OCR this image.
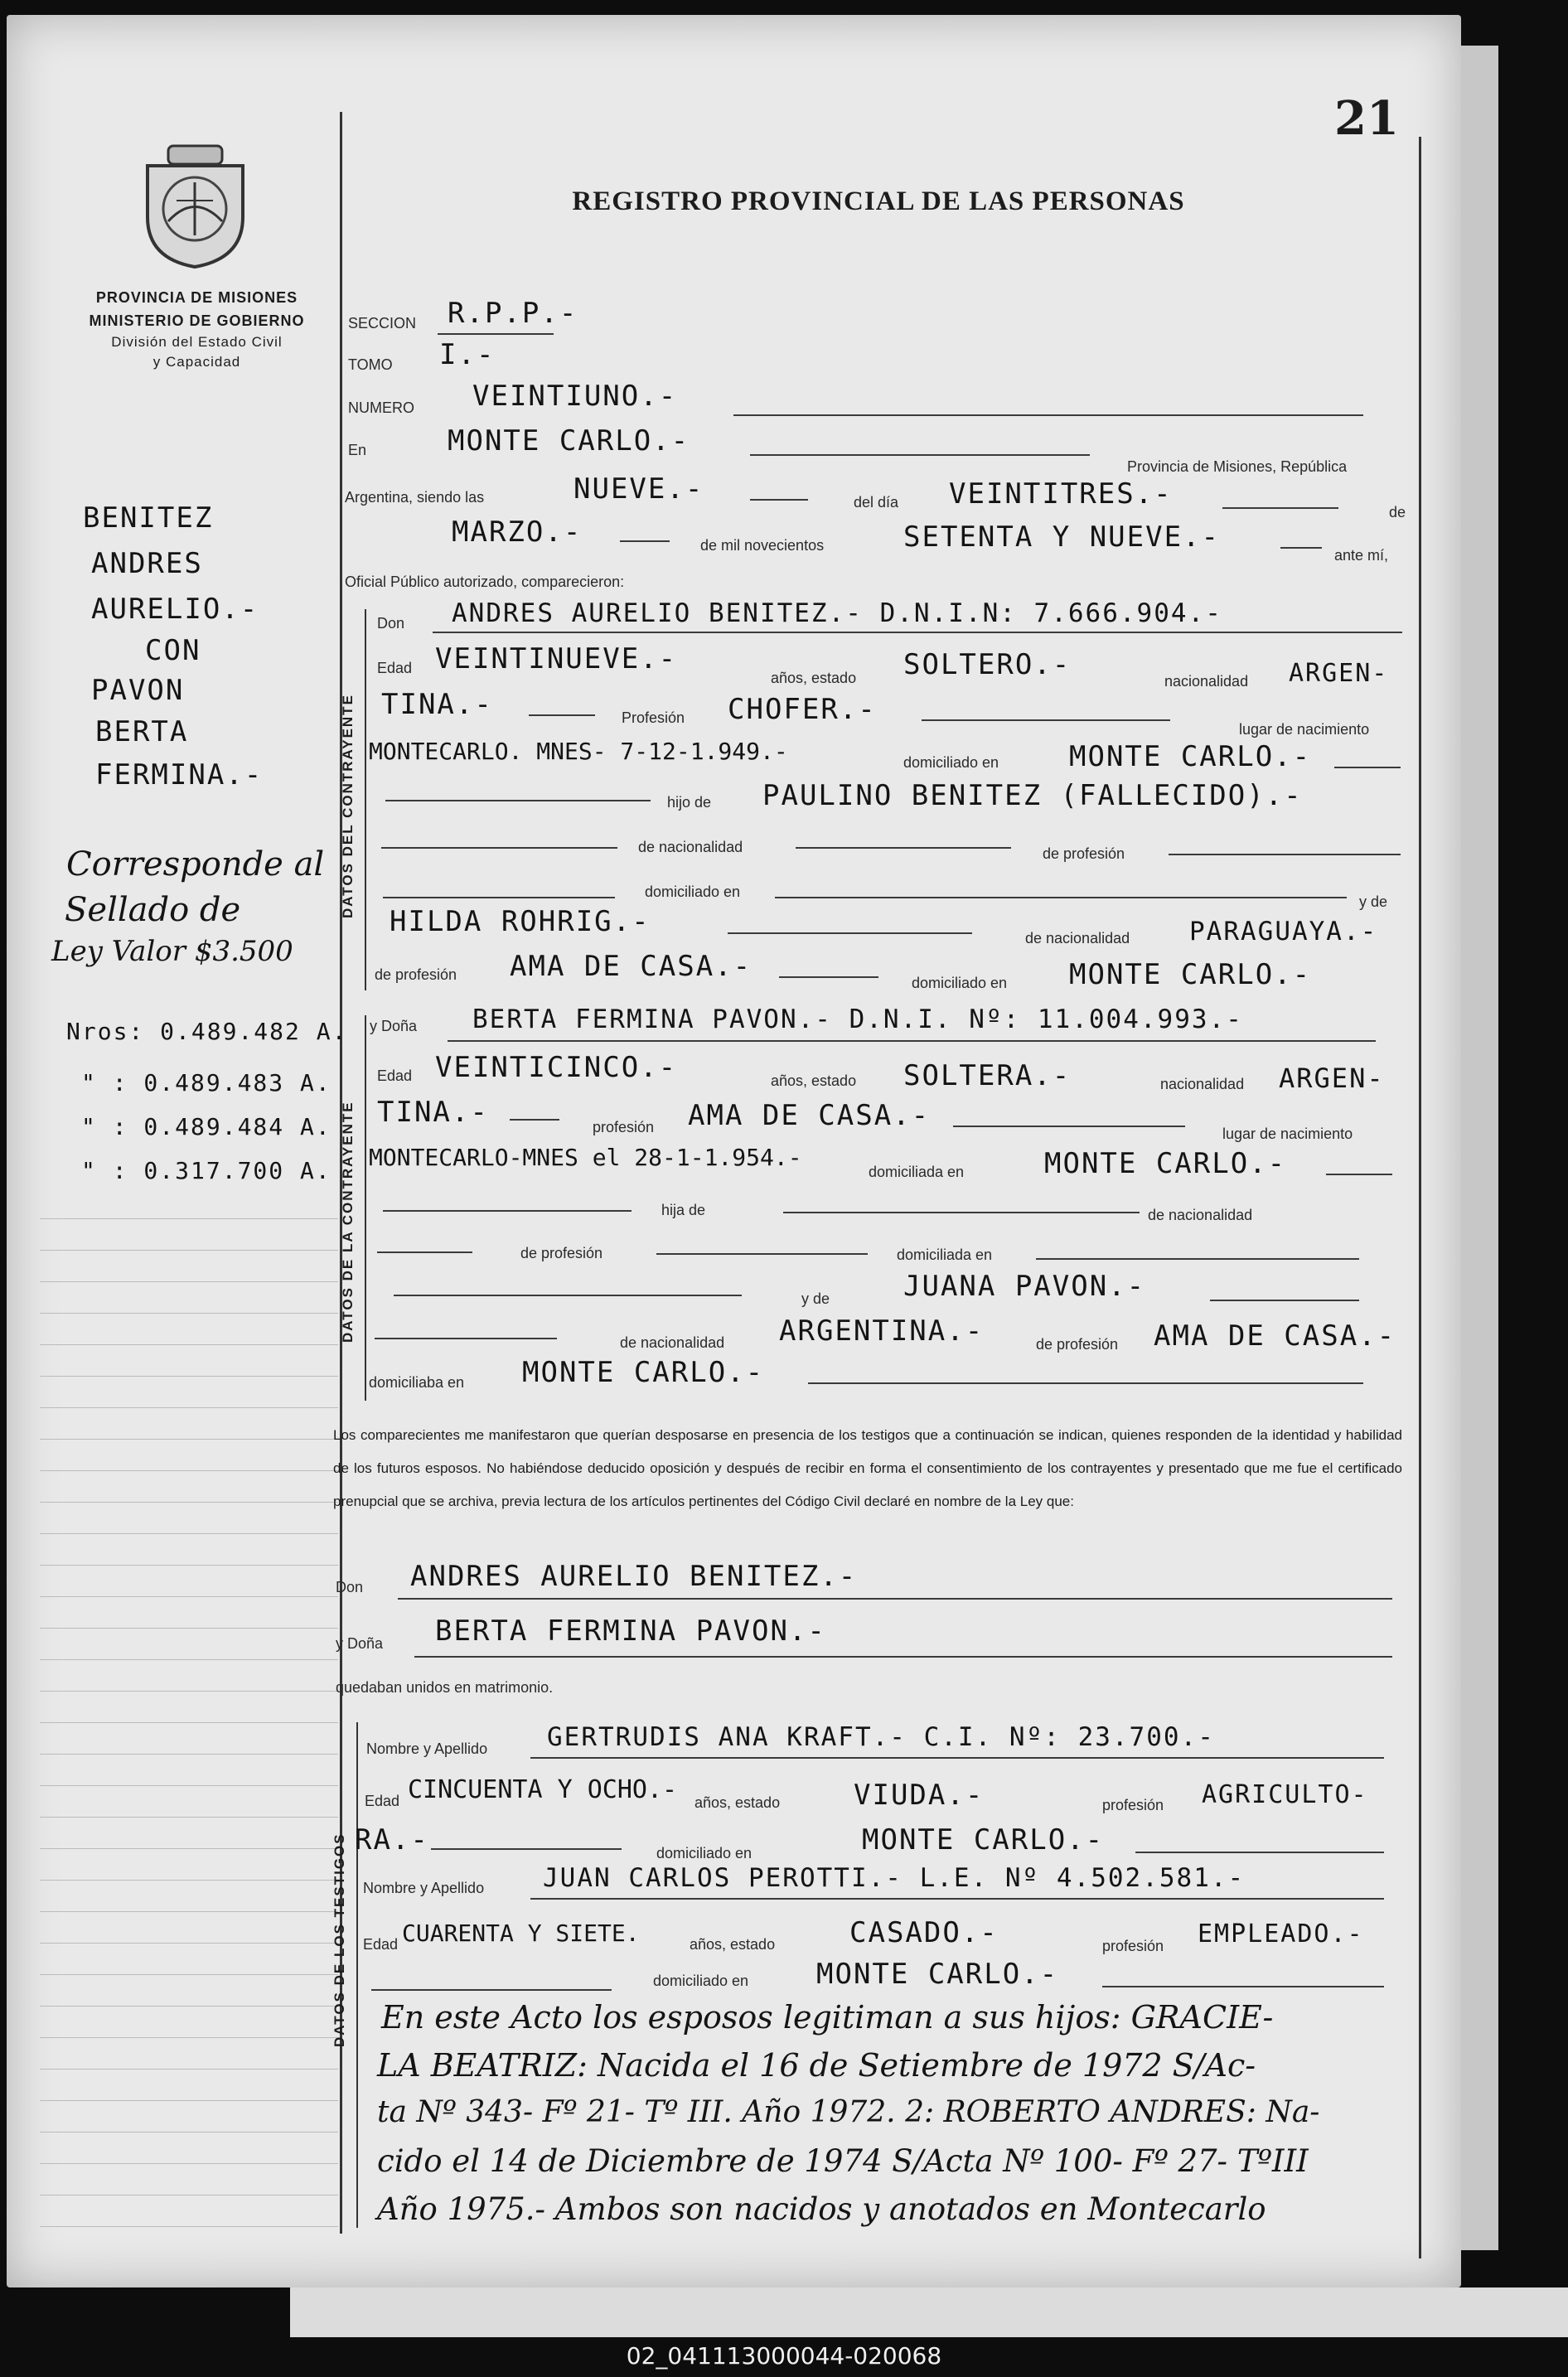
PROVINCIA DE MISIONES
MINISTERIO DE GOBIERNO
División del Estado Civil
y Capacidad
BENITEZ
ANDRES
AURELIO.-
CON
PAVON
BERTA
FERMINA.-
Corresponde al
Sellado de
Ley Valor $3.500
Nros: 0.489.482 A.
" : 0.489.483 A.
" : 0.489.484 A.
" : 0.317.700 A.
21
REGISTRO PROVINCIAL DE LAS PERSONAS
SECCION R.P.P.-
TOMO I.-
NUMERO VEINTIUNO.-
En	MONTE CARLO.-
Provincia de Misiones, República
Argentina, siendo las	NUEVE.-	del día VEINTITRES.-
de
MARZO.-	de mil novecientos	SETENTA Y NUEVE.-
ante mí,
Oficial Público autorizado, comparecieron:
DATOS DEL CONTRAYENTE
Don ANDRES AURELIO BENITEZ.- D.N.I.N: 7.666.904.-
Edad VEINTINUEVE.-
años, estado SOLTERO.-	nacionalidad ARGEN-
TINA.-	Profesión CHOFER.-
lugar de nacimiento
MONTECARLO. MNES- 7-12-1.949.-	domiciliado en MONTE CARLO.-
hijo de PAULINO BENITEZ (FALLECIDO).-
de nacionalidad	de profesión
domiciliado en
y de
HILDA ROHRIG.-	de nacionalidad PARAGUAYA.-
de profesión AMA DE CASA.-	domiciliado en MONTE CARLO.-
DATOS DE LA CONTRAYENTE
y Doña BERTA FERMINA PAVON.- D.N.I. Nº: 11.004.993.-
Edad VEINTICINCO.-	años, estado SOLTERA.-	nacionalidad ARGEN-
TINA.-	profesión AMA DE CASA.-
lugar de nacimiento
MONTECARLO-MNES el 28-1-1.954.-
domiciliada en	MONTE CARLO.-
hija de	de nacionalidad
de profesión	domiciliada en
y de	JUANA PAVON.-
de nacionalidad ARGENTINA.-	de profesión AMA DE CASA.-
domiciliaba en MONTE CARLO.-
Los comparecientes me manifestaron que querían desposarse en presencia de los testigos que a continuación se indican, quienes responden de la identidad y habilidad de los futuros esposos. No habiéndose deducido oposición y después de recibir en forma el consentimiento de los contrayentes y presentado que me fue el certificado prenupcial que se archiva, previa lectura de los artículos pertinentes del Código Civil declaré en nombre de la Ley que:
Don ANDRES AURELIO BENITEZ.-
y Doña BERTA FERMINA PAVON.-
quedaban unidos en matrimonio.
DATOS DE LOS TESTIGOS
Nombre y Apellido GERTRUDIS ANA KRAFT.- C.I. Nº: 23.700.-
Edad CINCUENTA Y OCHO.- años, estado	VIUDA.-	profesión AGRICULTO-
RA.-	domiciliado en	MONTE CARLO.-
Nombre y Apellido JUAN CARLOS PEROTTI.- L.E. Nº 4.502.581.-
Edad CUARENTA Y SIETE.	años, estado	CASADO.-	profesión EMPLEADO.-
domiciliado en MONTE CARLO.-
En este Acto los esposos legitiman a sus hijos: GRACIE-
LA BEATRIZ: Nacida el 16 de Setiembre de 1972 S/Ac-
ta Nº 343- Fº 21- Tº III. Año 1972. 2: ROBERTO ANDRES: Na-
cido el 14 de Diciembre de 1974 S/Acta Nº 100- Fº 27- TºIII
Año 1975.- Ambos son nacidos y anotados en Montecarlo
02_041113000044-020068
